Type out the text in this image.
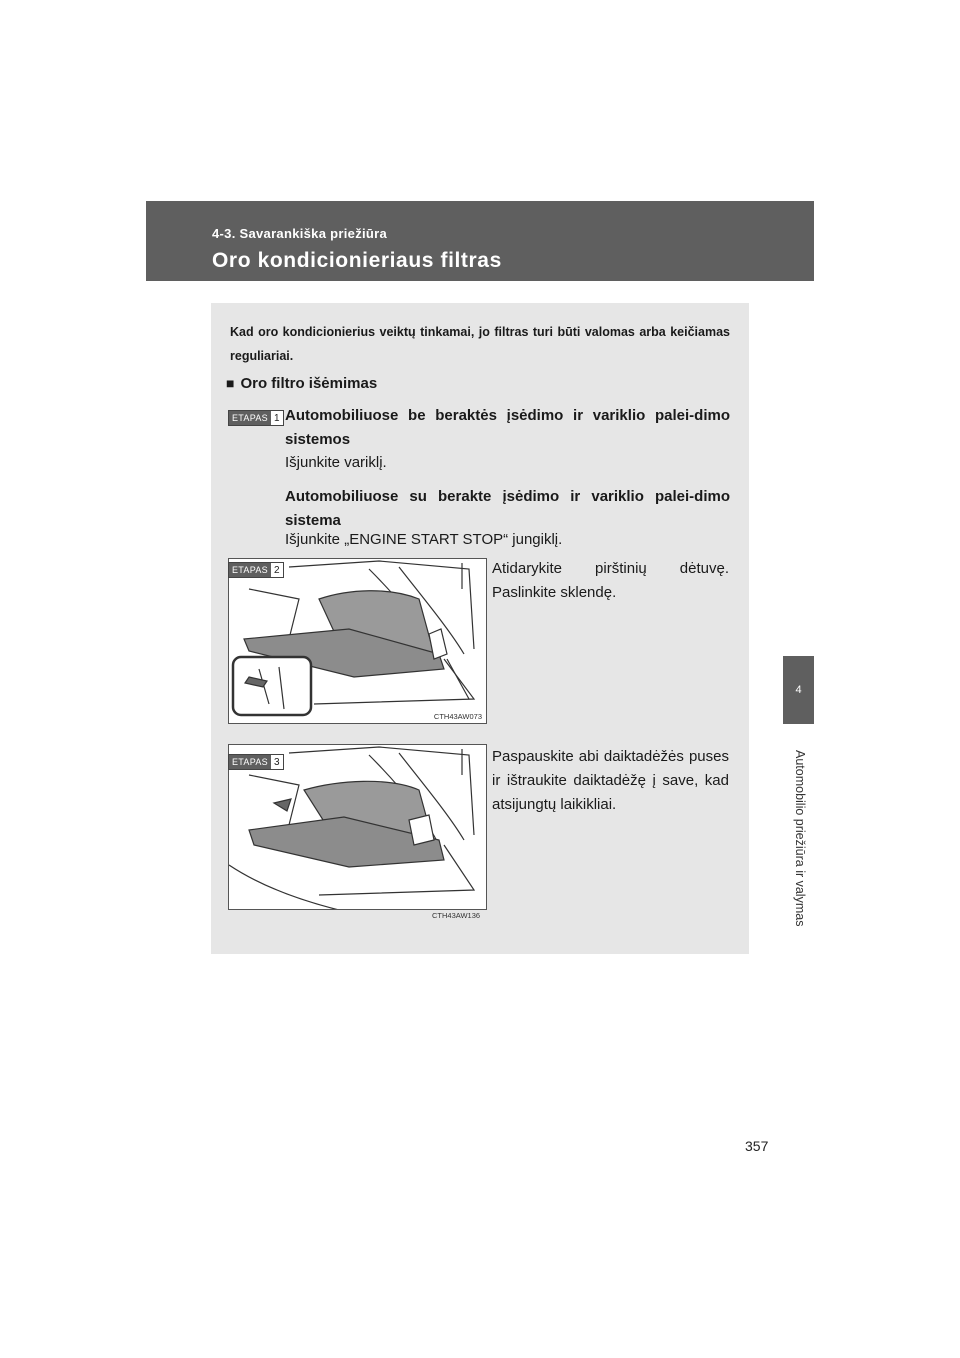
4-3. Savarankiška priežiūra
Oro kondicionieriaus filtras
4
Automobilio priežiūra ir valymas

Kad oro kondicionierius veiktų tinkamai, jo filtras turi būti valomas arba keičiamas reguliariai.

■ Oro filtro išėmimas
ETAPAS 1 Automobiliuose be beraktės įsėdimo ir variklio palei-dimo sistemos

Išjunkite variklį.

Automobiliuose su berakte įsėdimo ir variklio palei-dimo sistema

Išjunkite „ENGINE START STOP“ jungiklį.

CTH43AW073
ETAPAS 2	Atidarykite pirštinių dėtuvę. Paslinkite sklendę.

ETAPAS 3	Paspauskite abi daiktadėžės puses ir ištraukite daiktadėžę į save, kad atsijungtų laikikliai.

CTH43AW136
357
